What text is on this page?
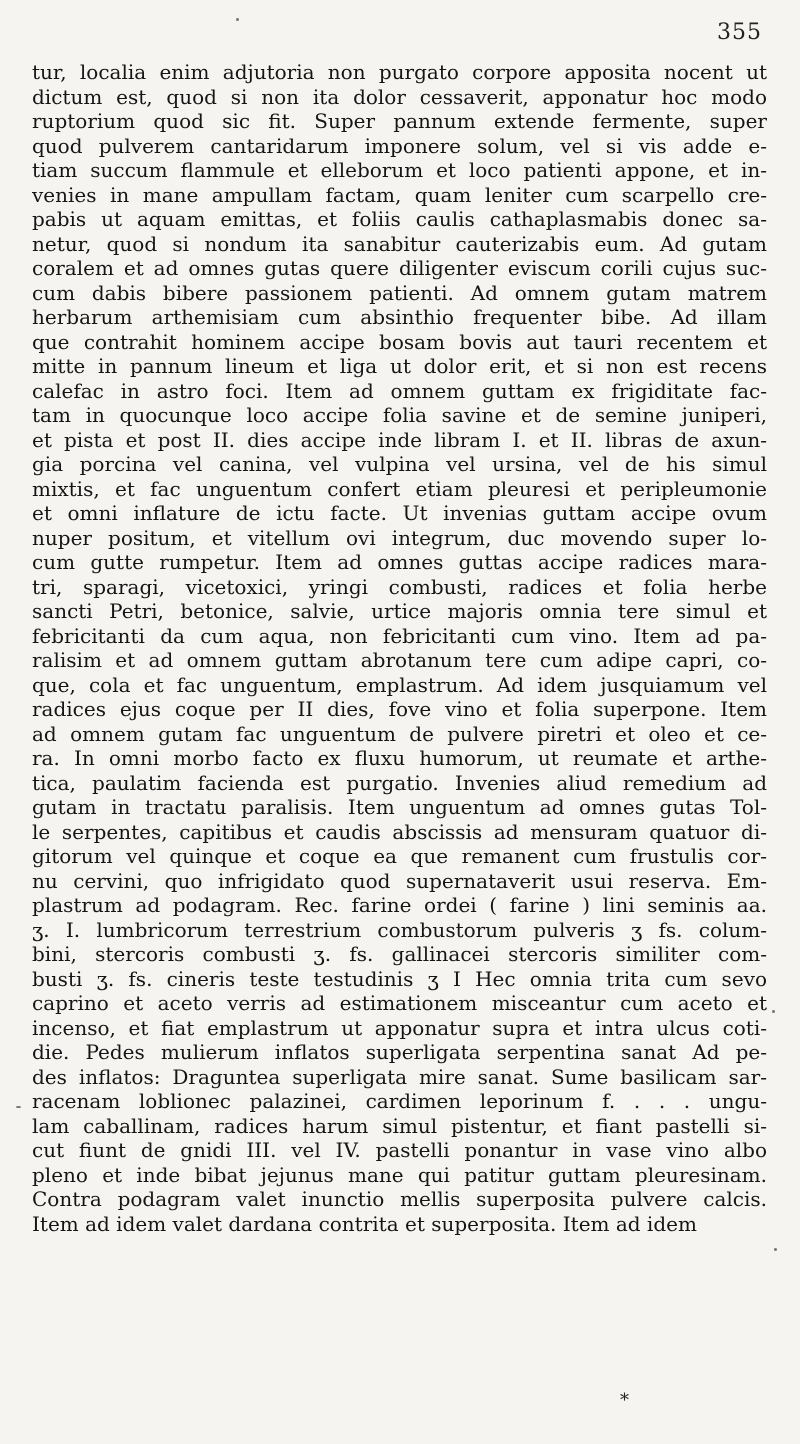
355
tur, localia enim adjutoria non purgato corpore apposita nocent ut
dictum est, quod si non ita dolor cessaverit, apponatur hoc modo
ruptorium quod sic fit. Super pannum extende fermente, super
quod pulverem cantaridarum imponere solum, vel si vis adde e-
tiam succum flammule et elleborum et loco patienti appone, et in-
venies in mane ampullam factam, quam leniter cum scarpello cre-
pabis ut aquam emittas, et foliis caulis cathaplasmabis donec sa-
netur, quod si nondum ita sanabitur cauterizabis eum. Ad gutam
coralem et ad omnes gutas quere diligenter eviscum corili cujus suc-
cum dabis bibere passionem patienti. Ad omnem gutam matrem
herbarum arthemisiam cum absinthio frequenter bibe. Ad illam
que contrahit hominem accipe bosam bovis aut tauri recentem et
mitte in pannum lineum et liga ut dolor erit, et si non est recens
calefac in astro foci. Item ad omnem guttam ex frigiditate fac-
tam in quocunque loco accipe folia savine et de semine juniperi,
et pista et post II. dies accipe inde libram I. et II. libras de axun-
gia porcina vel canina, vel vulpina vel ursina, vel de his simul
mixtis, et fac unguentum confert etiam pleuresi et peripleumonie
et omni inflature de ictu facte. Ut invenias guttam accipe ovum
nuper positum, et vitellum ovi integrum, duc movendo super lo-
cum gutte rumpetur. Item ad omnes guttas accipe radices mara-
tri, sparagi, vicetoxici, yringi combusti, radices et folia herbe
sancti Petri, betonice, salvie, urtice majoris omnia tere simul et
febricitanti da cum aqua, non febricitanti cum vino. Item ad pa-
ralisim et ad omnem guttam abrotanum tere cum adipe capri, co-
que, cola et fac unguentum, emplastrum. Ad idem jusquiamum vel
radices ejus coque per II dies, fove vino et folia superpone. Item
ad omnem gutam fac unguentum de pulvere piretri et oleo et ce-
ra. In omni morbo facto ex fluxu humorum, ut reumate et arthe-
tica, paulatim facienda est purgatio. Invenies aliud remedium ad
gutam in tractatu paralisis. Item unguentum ad omnes gutas Tol-
le serpentes, capitibus et caudis abscissis ad mensuram quatuor di-
gitorum vel quinque et coque ea que remanent cum frustulis cor-
nu cervini, quo infrigidato quod supernataverit usui reserva. Em-
plastrum ad podagram. Rec. farine ordei ( farine ) lini seminis aa.
ʒ. I. lumbricorum terrestrium combustorum pulveris ʒ fs. colum-
bini, stercoris combusti ʒ. fs. gallinacei stercoris similiter com-
busti ʒ. fs. cineris teste testudinis ʒ I Hec omnia trita cum sevo
caprino et aceto verris ad estimationem misceantur cum aceto et
incenso, et fiat emplastrum ut apponatur supra et intra ulcus coti-
die. Pedes mulierum inflatos superligata serpentina sanat Ad pe-
des inflatos: Draguntea superligata mire sanat. Sume basilicam sar-
racenam loblionec palazinei, cardimen leporinum f. . . . ungu-
lam caballinam, radices harum simul pistentur, et fiant pastelli si-
cut fiunt de gnidi III. vel IV. pastelli ponantur in vase vino albo
pleno et inde bibat jejunus mane qui patitur guttam pleuresinam.
Contra podagram valet inunctio mellis superposita pulvere calcis.
Item ad idem valet dardana contrita et superposita. Item ad idem
*
